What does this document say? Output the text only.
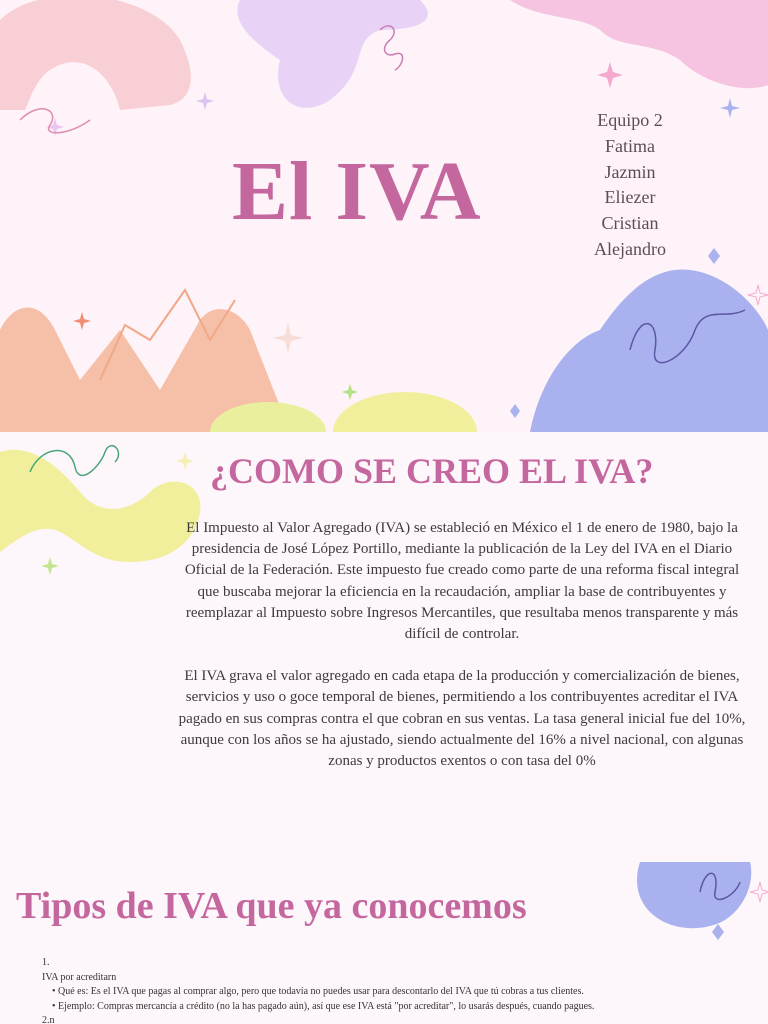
El IVA
Equipo 2
Fatima
Jazmin
Eliezer
Cristian
Alejandro
¿COMO SE CREO EL IVA?

El Impuesto al Valor Agregado (IVA) se estableció en México el 1 de enero de 1980, bajo la presidencia de José López Portillo, mediante la publicación de la Ley del IVA en el Diario Oficial de la Federación. Este impuesto fue creado como parte de una reforma fiscal integral que buscaba mejorar la eficiencia en la recaudación, ampliar la base de contribuyentes y reemplazar al Impuesto sobre Ingresos Mercantiles, que resultaba menos transparente y más difícil de controlar.

El IVA grava el valor agregado en cada etapa de la producción y comercialización de bienes, servicios y uso o goce temporal de bienes, permitiendo a los contribuyentes acreditar el IVA pagado en sus compras contra el que cobran en sus ventas. La tasa general inicial fue del 10%, aunque con los años se ha ajustado, siendo actualmente del 16% a nivel nacional, con algunas zonas y productos exentos o con tasa del 0%

Tipos de IVA que ya conocemos
1.
IVA por acreditarn
• Qué es: Es el IVA que pagas al comprar algo, pero que todavía no puedes usar para descontarlo del IVA que tú cobras a tus clientes.
• Ejemplo: Compras mercancía a crédito (no la has pagado aún), así que ese IVA está "por acreditar", lo usarás después, cuando pagues.
2.n
